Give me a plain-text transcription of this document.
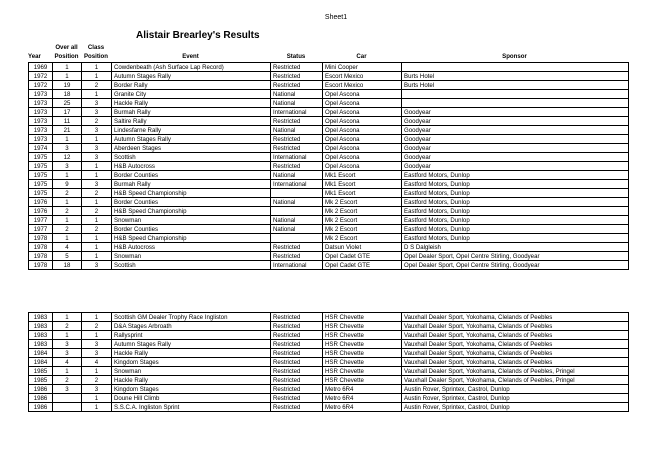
Sheet1
Alistair Brearley's Results
	Over all	Class				
Year	Position	Position	Event	Status	Car	Sponsor
1969	1	1	Cowdenbeath (Ash Surface Lap Record)	Restricted	Mini Cooper	
1972	1	1	Autumn Stages Rally	Restricted	Escort Mexico	Burts Hotel
1972	19	2	Border Rally	Restricted	Escort Mexico	Burts Hotel
1973	18	1	Granite City	National	Opel Ascona	
1973	25	3	Hackle Rally	National	Opel Ascona	
1973	17	3	Burmah Rally	International	Opel Ascona	Goodyear
1973	11	2	Saltire Rally	Restricted	Opel Ascona	Goodyear
1973	21	3	Lindesfarne Rally	National	Opel Ascona	Goodyear
1973	1	1	Autumn Stages Rally	Restricted	Opel Ascona	Goodyear
1974	3	3	Aberdeen Stages	Restricted	Opel Ascona	Goodyear
1975	12	3	Scottish	International	Opel Ascona	Goodyear
1975	3	1	H&B Autocross	Restricted	Opel Ascona	Goodyear
1975	1	1	Border Counties	National	Mk1 Escort	Eastford Motors, Dunlop
1975	9	3	Burmah Rally	International	Mk1 Escort	Eastford Motors, Dunlop
1975	2	2	H&B Speed Championship		Mk1 Escort	Eastford Motors, Dunlop
1976	1	1	Border Counties	National	Mk 2 Escort	Eastford Motors, Dunlop
1976	2	2	H&B Speed Championship		Mk 2 Escort	Eastford Motors, Dunlop
1977	1	1	Snowman	National	Mk 2 Escort	Eastford Motors, Dunlop
1977	2	2	Border Counties	National	Mk 2 Escort	Eastford Motors, Dunlop
1978	1	1	H&B Speed Championship		Mk 2 Escort	Eastford Motors, Dunlop
1978	4	1	H&B Autocross	Restricted	Datsun Violet	D S Dalgleish
1978	5	1	Snowman	Restricted	Opel Cadet GTE	Opel Dealer Sport, Opel Centre Stirling, Goodyear
1978	18	3	Scottish	International	Opel Cadet GTE	Opel Dealer Sport, Opel Centre Stirling, Goodyear
1983	1	1	Scottish GM Dealer Trophy Race Ingliston	Restricted	HSR Chevette	Vauxhall Dealer Sport, Yokohama, Clelands of Peebles
1983	2	2	D&A Stages Arbroath	Restricted	HSR Chevette	Vauxhall Dealer Sport, Yokohama, Clelands of Peebles
1983	1	1	Rallysprint	Restricted	HSR Chevette	Vauxhall Dealer Sport, Yokohama, Clelands of Peebles
1983	3	3	Autumn Stages Rally	Restricted	HSR Chevette	Vauxhall Dealer Sport, Yokohama, Clelands of Peebles
1984	3	3	Hackle Rally	Restricted	HSR Chevette	Vauxhall Dealer Sport, Yokohama, Clelands of Peebles
1984	4	4	Kingdom Stages	Restricted	HSR Chevette	Vauxhall Dealer Sport, Yokohama, Clelands of Peebles
1985	1	1	Snowman	Restricted	HSR Chevette	Vauxhall Dealer Sport, Yokohama, Clelands of Peebles, Pringel
1985	2	2	Hackle Rally	Restricted	HSR Chevette	Vauxhall Dealer Sport, Yokohama, Clelands of Peebles, Pringel
1986	3	3	Kingdom Stages	Restricted	Metro 6R4	Austin Rover, Sprintex, Castrol, Dunlop
1986		1	Doune Hill Climb	Restricted	Metro 6R4	Austin Rover, Sprintex, Castrol, Dunlop
1986		1	S.S.C.A. Ingliston Sprint	Restricted	Metro 6R4	Austin Rover, Sprintex, Castrol, Dunlop
